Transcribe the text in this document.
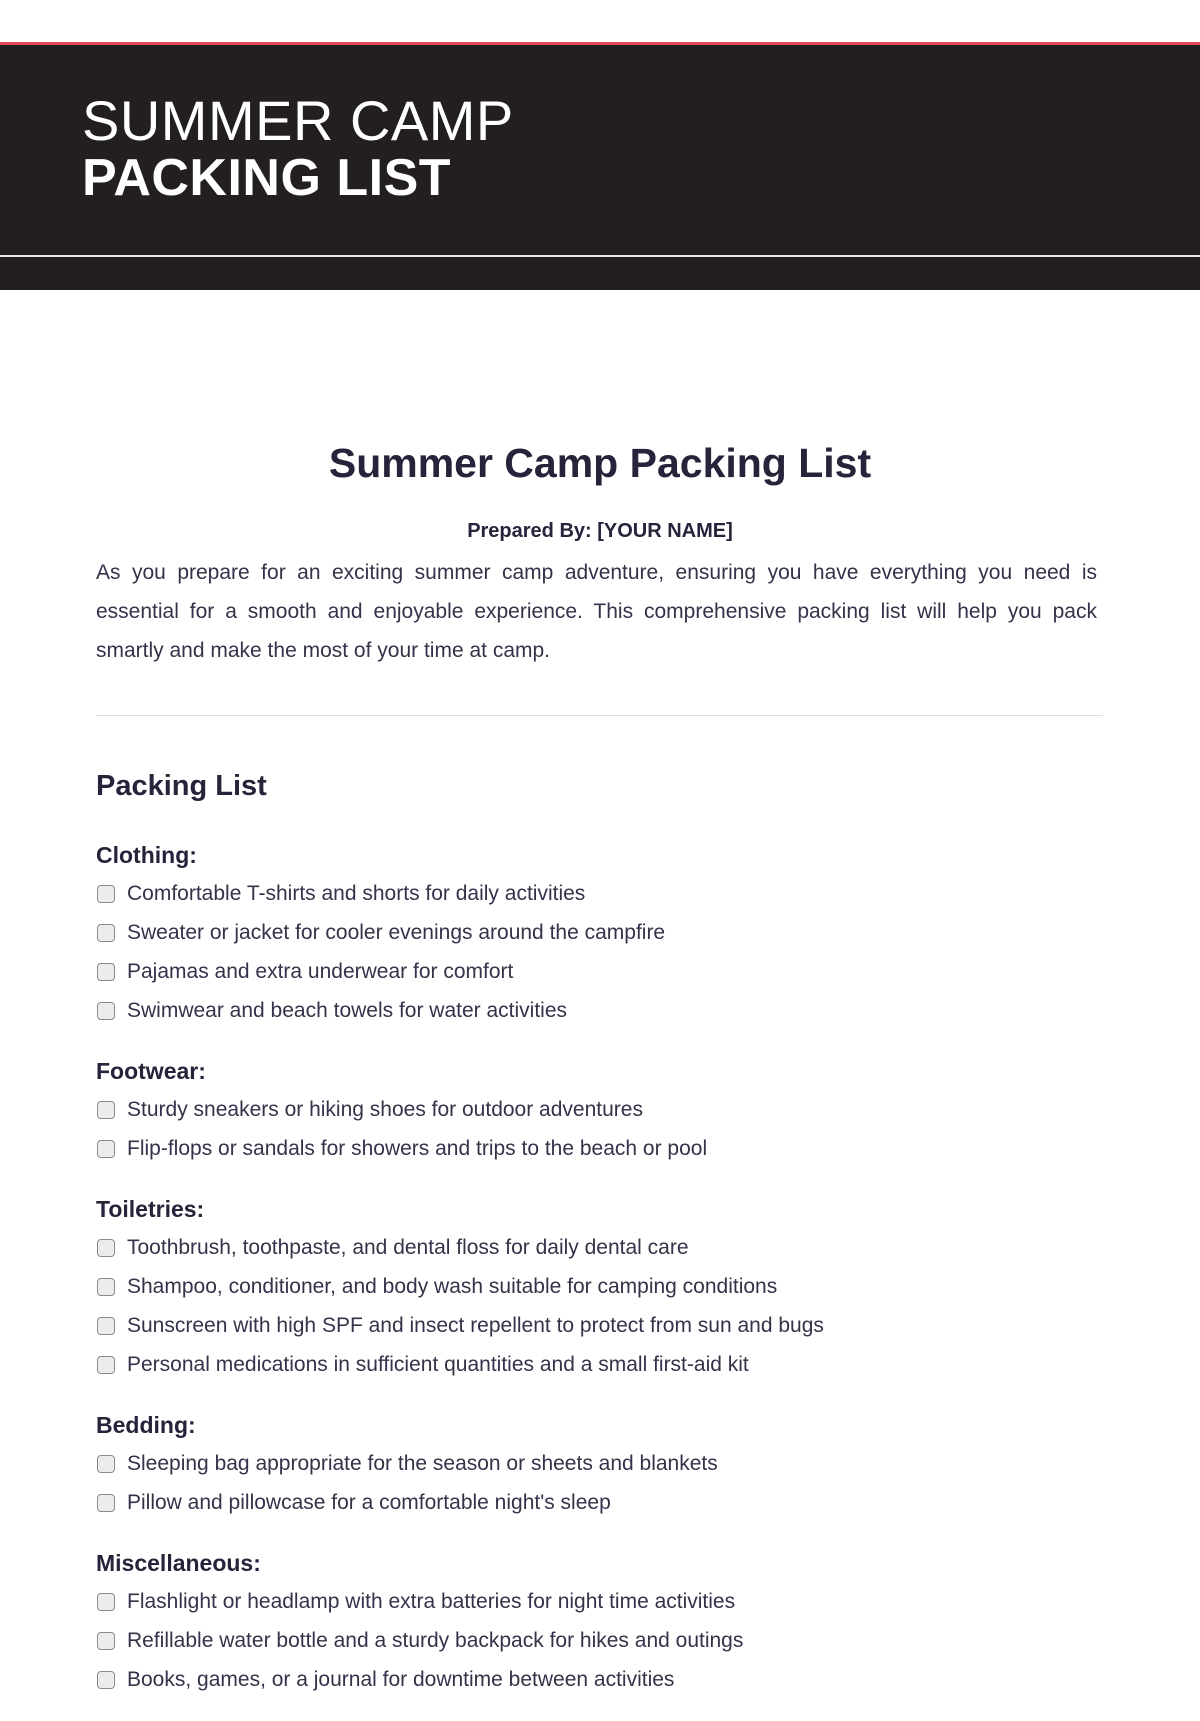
SUMMER CAMP
PACKING LIST
Summer Camp Packing List
Prepared By: [YOUR NAME]

As you prepare for an exciting summer camp adventure, ensuring you have everything you need is essential for a smooth and enjoyable experience. This comprehensive packing list will help you pack smartly and make the most of your time at camp.

Packing List
Clothing:
Comfortable T-shirts and shorts for daily activities
Sweater or jacket for cooler evenings around the campfire
Pajamas and extra underwear for comfort
Swimwear and beach towels for water activities
Footwear:
Sturdy sneakers or hiking shoes for outdoor adventures
Flip-flops or sandals for showers and trips to the beach or pool
Toiletries:
Toothbrush, toothpaste, and dental floss for daily dental care
Shampoo, conditioner, and body wash suitable for camping conditions
Sunscreen with high SPF and insect repellent to protect from sun and bugs
Personal medications in sufficient quantities and a small first-aid kit
Bedding:
Sleeping bag appropriate for the season or sheets and blankets
Pillow and pillowcase for a comfortable night's sleep
Miscellaneous:
Flashlight or headlamp with extra batteries for night time activities
Refillable water bottle and a sturdy backpack for hikes and outings
Books, games, or a journal for downtime between activities
